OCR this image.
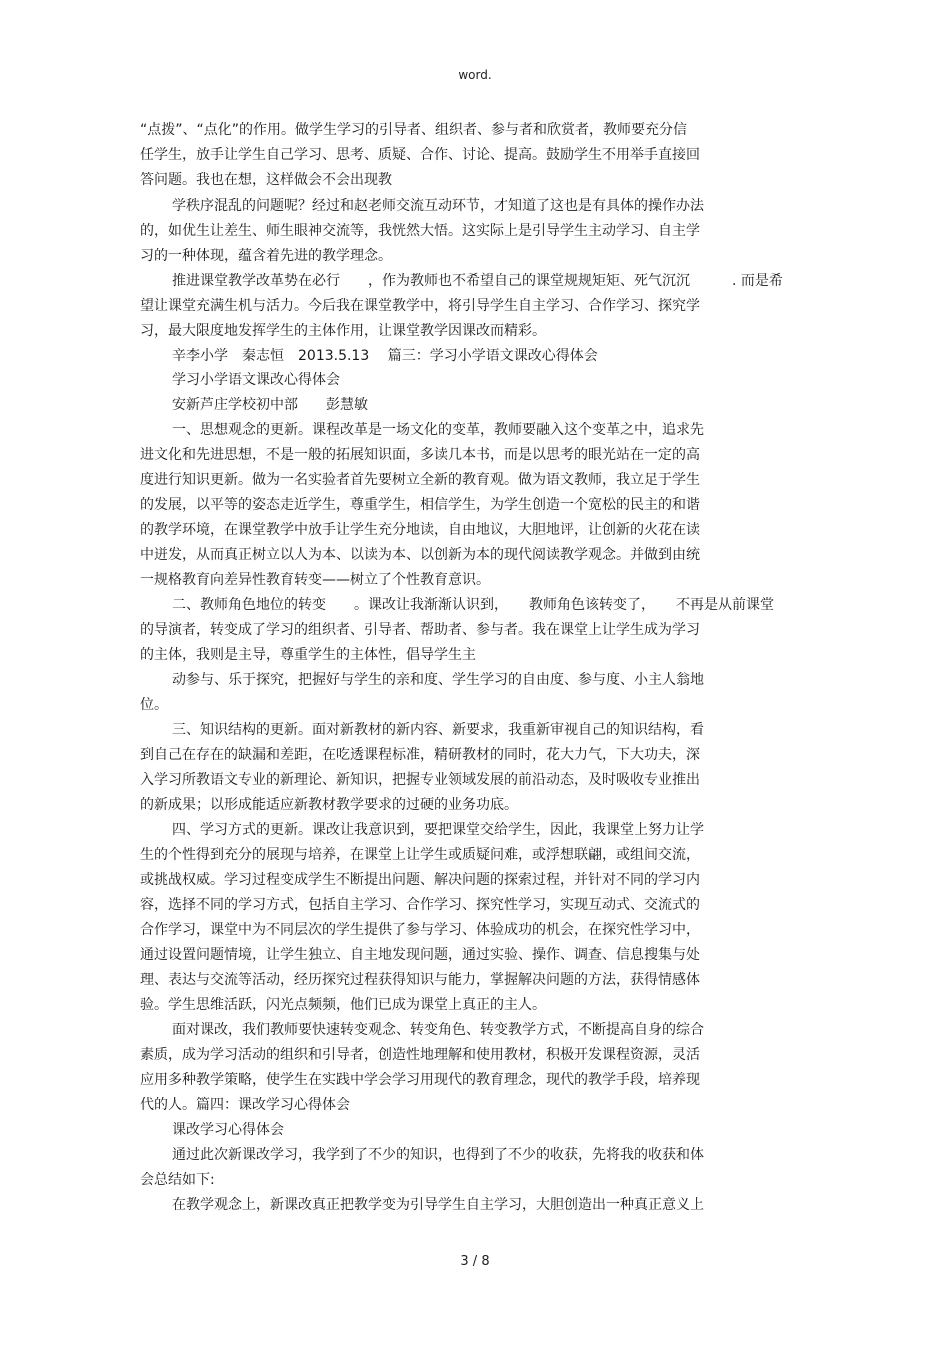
word.
“点拨”、“点化”的作用。做学生学习的引导者、组织者、参与者和欣赏者，教师要充分信
任学生，放手让学生自己学习、思考、质疑、合作、讨论、提高。鼓励学生不用举手直接回
答问题。我也在想，这样做会不会出现教
学秩序混乱的问题呢？经过和赵老师交流互动环节，才知道了这也是有具体的操作办法
的，如优生让差生、师生眼神交流等，我恍然大悟。这实际上是引导学生主动学习、自主学
习的一种体现，蕴含着先进的教学理念。
推进课堂教学改革势在必行　　，作为教师也不希望自己的课堂规规矩矩、死气沉沉　　　. 而是希
望让课堂充满生机与活力。今后我在课堂教学中，将引导学生自主学习、合作学习、探究学
习，最大限度地发挥学生的主体作用，让课堂教学因课改而精彩。
辛李小学　秦志恒　2013.5.13　 篇三：学习小学语文课改心得体会
学习小学语文课改心得体会
安新芦庄学校初中部　　彭慧敏
一、思想观念的更新。课程改革是一场文化的变革，教师要融入这个变革之中，追求先
进文化和先进思想，不是一般的拓展知识面，多读几本书，而是以思考的眼光站在一定的高
度进行知识更新。做为一名实验者首先要树立全新的教育观。做为语文教师，我立足于学生
的发展，以平等的姿态走近学生，尊重学生，相信学生，为学生创造一个宽松的民主的和谐
的教学环境，在课堂教学中放手让学生充分地读，自由地议，大胆地评，让创新的火花在读
中迸发，从而真正树立以人为本、以读为本、以创新为本的现代阅读教学观念。并做到由统
一规格教育向差异性教育转变——树立了个性教育意识。
二、教师角色地位的转变　　。课改让我渐渐认识到，　　教师角色该转变了，　　不再是从前课堂
的导演者，转变成了学习的组织者、引导者、帮助者、参与者。我在课堂上让学生成为学习
的主体，我则是主导，尊重学生的主体性，倡导学生主
动参与、乐于探究，把握好与学生的亲和度、学生学习的自由度、参与度、小主人翁地
位。
三、知识结构的更新。面对新教材的新内容、新要求，我重新审视自己的知识结构，看
到自己在存在的缺漏和差距，在吃透课程标准，精研教材的同时，花大力气，下大功夫，深
入学习所教语文专业的新理论、新知识，把握专业领域发展的前沿动态，及时吸收专业推出
的新成果；以形成能适应新教材教学要求的过硬的业务功底。
四、学习方式的更新。课改让我意识到，要把课堂交给学生，因此，我课堂上努力让学
生的个性得到充分的展现与培养，在课堂上让学生或质疑问难，或浮想联翩，或组间交流，
或挑战权威。学习过程变成学生不断提出问题、解决问题的探索过程，并针对不同的学习内
容，选择不同的学习方式，包括自主学习、合作学习、探究性学习，实现互动式、交流式的
合作学习，课堂中为不同层次的学生提供了参与学习、体验成功的机会，在探究性学习中，
通过设置问题情境，让学生独立、自主地发现问题，通过实验、操作、调查、信息搜集与处
理、表达与交流等活动，经历探究过程获得知识与能力，掌握解决问题的方法，获得情感体
验。学生思维活跃，闪光点频频，他们已成为课堂上真正的主人。
面对课改，我们教师要快速转变观念、转变角色、转变教学方式，不断提高自身的综合
素质，成为学习活动的组织和引导者，创造性地理解和使用教材，积极开发课程资源，灵活
应用多种教学策略，使学生在实践中学会学习用现代的教育理念，现代的教学手段，培养现
代的人。篇四：课改学习心得体会
课改学习心得体会
通过此次新课改学习，我学到了不少的知识，也得到了不少的收获，先将我的收获和体
会总结如下:
在教学观念上，新课改真正把教学变为引导学生自主学习，大胆创造出一种真正意义上
3 / 8
